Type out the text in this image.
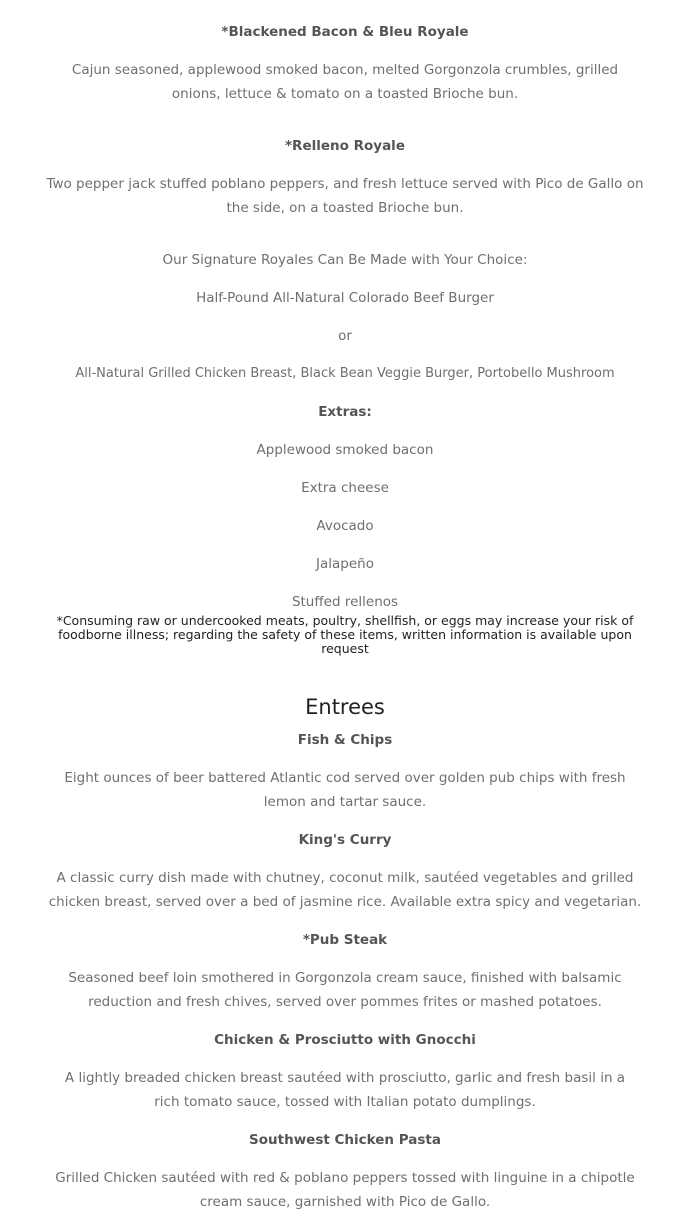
*Blackened Bacon & Bleu Royale
Cajun seasoned, applewood smoked bacon, melted Gorgonzola crumbles, grilled onions, lettuce & tomato on a toasted Brioche bun.
*Relleno Royale
Two pepper jack stuffed poblano peppers, and fresh lettuce served with Pico de Gallo on the side, on a toasted Brioche bun.
Our Signature Royales Can Be Made with Your Choice:
Half-Pound All-Natural Colorado Beef Burger
or
All-Natural Grilled Chicken Breast, Black Bean Veggie Burger, Portobello Mushroom
Extras:
Applewood smoked bacon
Extra cheese
Avocado
Jalapeño
Stuffed rellenos
*Consuming raw or undercooked meats, poultry, shellfish, or eggs may increase your risk of foodborne illness; regarding the safety of these items, written information is available upon request
Entrees
Fish & Chips
Eight ounces of beer battered Atlantic cod served over golden pub chips with fresh lemon and tartar sauce.
King's Curry
A classic curry dish made with chutney, coconut milk, sautéed vegetables and grilled chicken breast, served over a bed of jasmine rice. Available extra spicy and vegetarian.
*Pub Steak
Seasoned beef loin smothered in Gorgonzola cream sauce, finished with balsamic reduction and fresh chives, served over pommes frites or mashed potatoes.
Chicken & Prosciutto with Gnocchi
A lightly breaded chicken breast sautéed with prosciutto, garlic and fresh basil in a rich tomato sauce, tossed with Italian potato dumplings.
Southwest Chicken Pasta
Grilled Chicken sautéed with red & poblano peppers tossed with linguine in a chipotle cream sauce, garnished with Pico de Gallo.
